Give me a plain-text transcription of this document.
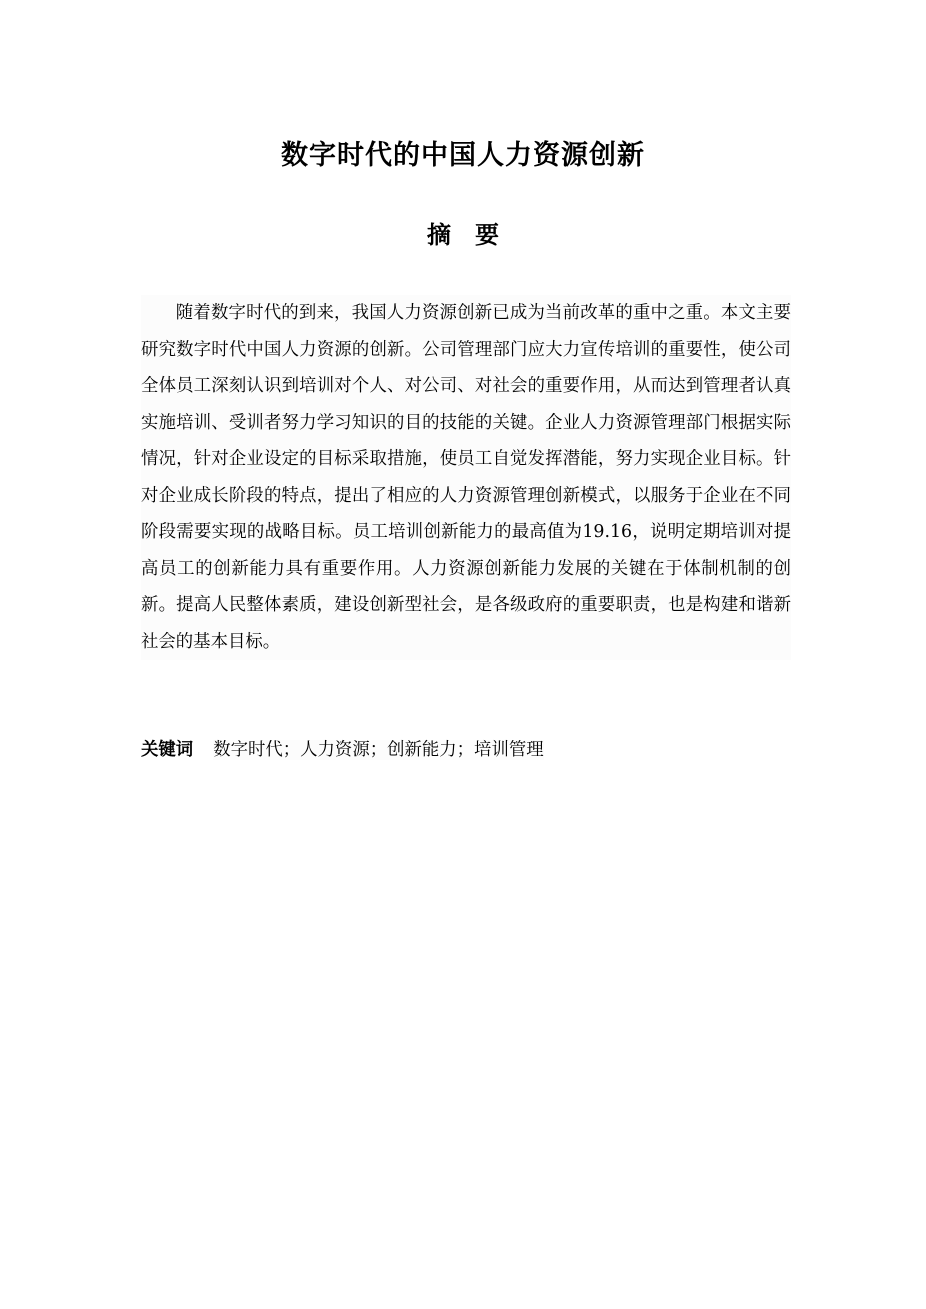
数字时代的中国人力资源创新
摘 要

随着数字时代的到来，我国人力资源创新已成为当前改革的重中之重。本文主要研究数字时代中国人力资源的创新。公司管理部门应大力宣传培训的重要性，使公司全体员工深刻认识到培训对个人、对公司、对社会的重要作用，从而达到管理者认真实施培训、受训者努力学习知识的目的技能的关键。企业人力资源管理部门根据实际情况，针对企业设定的目标采取措施，使员工自觉发挥潜能，努力实现企业目标。针对企业成长阶段的特点，提出了相应的人力资源管理创新模式，以服务于企业在不同阶段需要实现的战略目标。员工培训创新能力的最高值为19.16，说明定期培训对提高员工的创新能力具有重要作用。人力资源创新能力发展的关键在于体制机制的创新。提高人民整体素质，建设创新型社会，是各级政府的重要职责，也是构建和谐新社会的基本目标。

关键词 数字时代；人力资源；创新能力；培训管理
